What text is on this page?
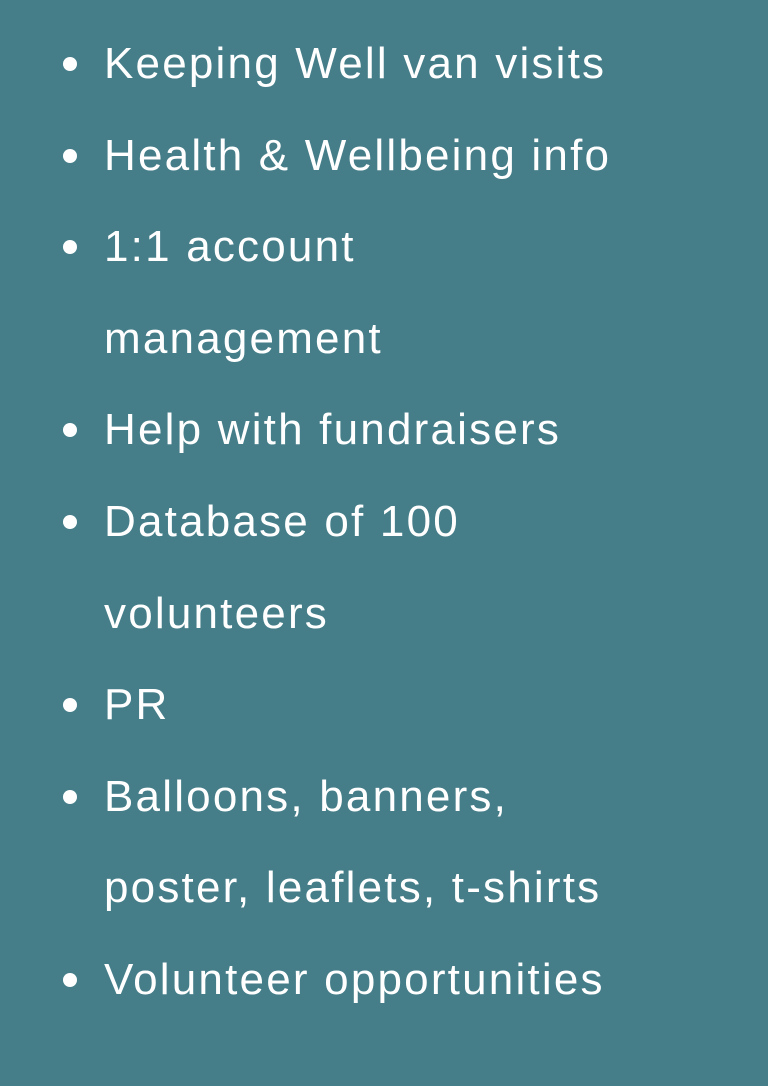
Keeping Well van visits
Health & Wellbeing info
1:1 account
management
Help with fundraisers
Database of 100
volunteers
PR
Balloons, banners,
poster, leaflets, t-shirts
Volunteer opportunities
